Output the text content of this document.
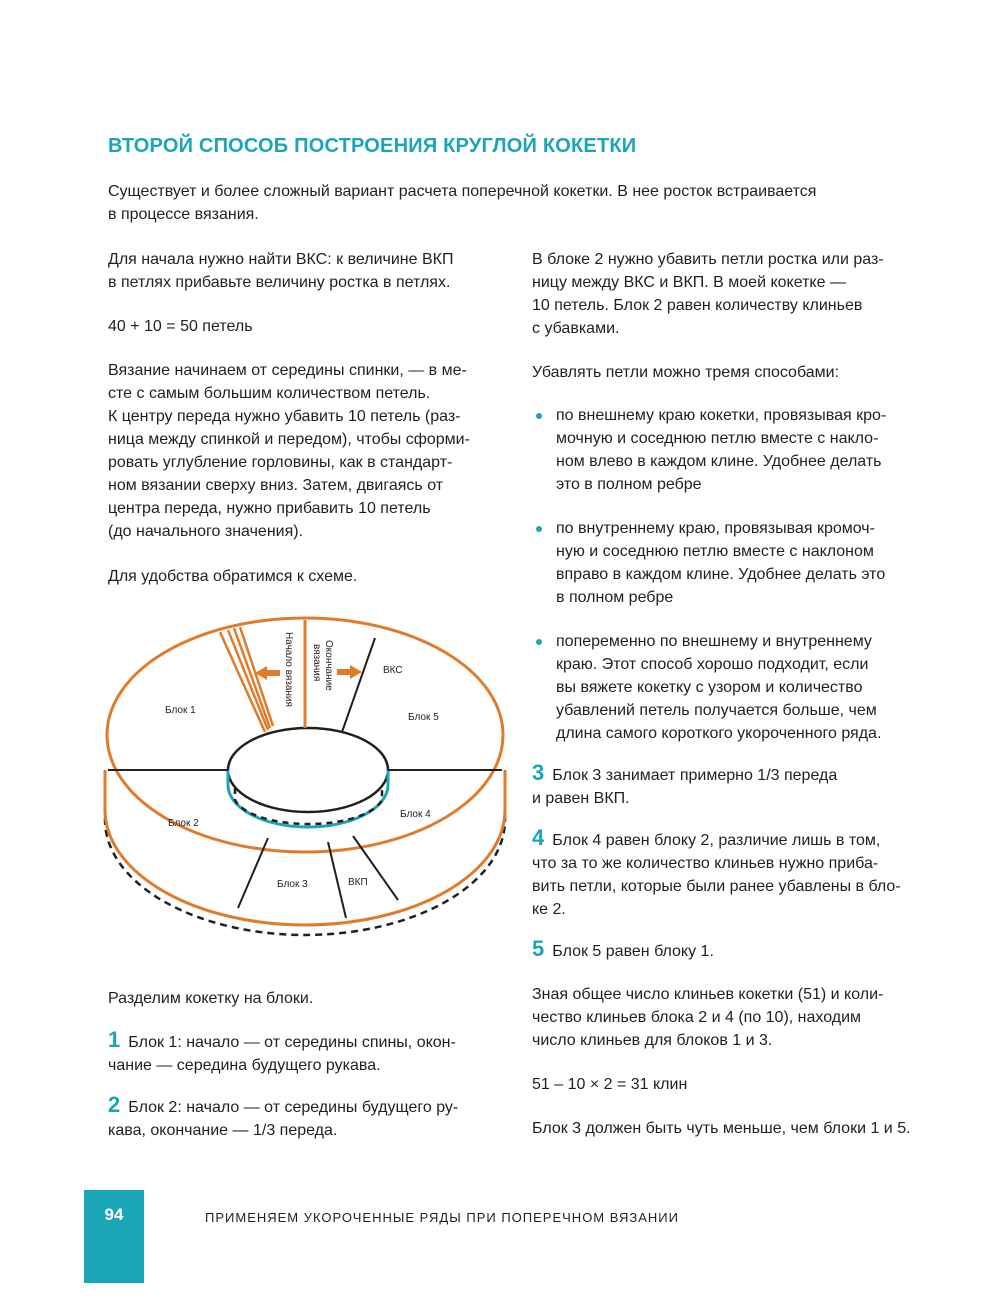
ВТОРОЙ СПОСОБ ПОСТРОЕНИЯ КРУГЛОЙ КОКЕТКИ
Существует и более сложный вариант расчета поперечной кокетки. В нее росток встраивается
в процессе вязания.
Для начала нужно найти ВКС: к величине ВКП
в петлях прибавьте величину ростка в петлях.
40 + 10 = 50 петель
Вязание начинаем от середины спинки, — в ме-
сте с самым большим количеством петель.
К центру переда нужно убавить 10 петель (раз-
ница между спинкой и передом), чтобы сформи-
ровать углубление горловины, как в стандарт-
ном вязании сверху вниз. Затем, двигаясь от
центра переда, нужно прибавить 10 петель
(до начального значения).
Для удобства обратимся к схеме.
Блок 1
Блок 2
Блок 3
Блок 4
Блок 5
ВКС
ВКП
Начало вязания	Окончание
вязания
Разделим кокетку на блоки.
1 Блок 1: начало — от середины спины, окон-
чание — середина будущего рукава.
2 Блок 2: начало — от середины будущего ру-
кава, окончание — 1/3 переда.
В блоке 2 нужно убавить петли ростка или раз-
ницу между ВКС и ВКП. В моей кокетке —
10 петель. Блок 2 равен количеству клиньев
с убавками.
Убавлять петли можно тремя способами:
по внешнему краю кокетки, провязывая кро-
мочную и соседнюю петлю вместе с накло-
ном влево в каждом клине. Удобнее делать
это в полном ребре
по внутреннему краю, провязывая кромоч-
ную и соседнюю петлю вместе с наклоном
вправо в каждом клине. Удобнее делать это
в полном ребре
попеременно по внешнему и внутреннему
краю. Этот способ хорошо подходит, если
вы вяжете кокетку с узором и количество
убавлений петель получается больше, чем
длина самого короткого укороченного ряда.
3 Блок 3 занимает примерно 1/3 переда
и равен ВКП.
4 Блок 4 равен блоку 2, различие лишь в том,
что за то же количество клиньев нужно приба-
вить петли, которые были ранее убавлены в бло-
ке 2.
5 Блок 5 равен блоку 1.
Зная общее число клиньев кокетки (51) и коли-
чество клиньев блока 2 и 4 (по 10), находим
число клиньев для блоков 1 и 3.
51 – 10 × 2 = 31 клин
Блок 3 должен быть чуть меньше, чем блоки 1 и 5.
94	ПРИМЕНЯЕМ УКОРОЧЕННЫЕ РЯДЫ ПРИ ПОПЕРЕЧНОМ ВЯЗАНИИ
